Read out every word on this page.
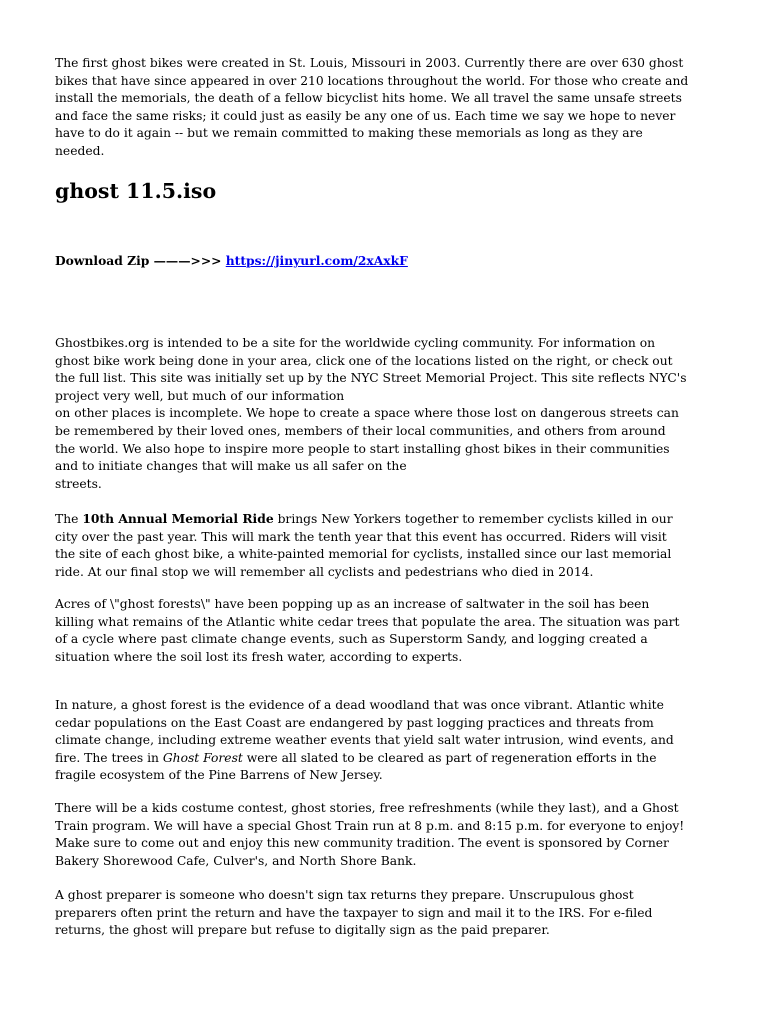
The first ghost bikes were created in St. Louis, Missouri in 2003. Currently there are over 630 ghost
bikes that have since appeared in over 210 locations throughout the world. For those who create and
install the memorials, the death of a fellow bicyclist hits home. We all travel the same unsafe streets
and face the same risks; it could just as easily be any one of us. Each time we say we hope to never
have to do it again -- but we remain committed to making these memorials as long as they are
needed.

ghost 11.5.iso

Download Zip ———>>> https://jinyurl.com/2xAxkF

Ghostbikes.org is intended to be a site for the worldwide cycling community. For information on
ghost bike work being done in your area, click one of the locations listed on the right, or check out
the full list. This site was initially set up by the NYC Street Memorial Project. This site reflects NYC's
project very well, but much of our information
on other places is incomplete. We hope to create a space where those lost on dangerous streets can
be remembered by their loved ones, members of their local communities, and others from around
the world. We also hope to inspire more people to start installing ghost bikes in their communities
and to initiate changes that will make us all safer on the
streets.

The 10th Annual Memorial Ride brings New Yorkers together to remember cyclists killed in our
city over the past year. This will mark the tenth year that this event has occurred. Riders will visit
the site of each ghost bike, a white-painted memorial for cyclists, installed since our last memorial
ride. At our final stop we will remember all cyclists and pedestrians who died in 2014.

Acres of \"ghost forests\" have been popping up as an increase of saltwater in the soil has been
killing what remains of the Atlantic white cedar trees that populate the area. The situation was part
of a cycle where past climate change events, such as Superstorm Sandy, and logging created a
situation where the soil lost its fresh water, according to experts.

In nature, a ghost forest is the evidence of a dead woodland that was once vibrant. Atlantic white
cedar populations on the East Coast are endangered by past logging practices and threats from
climate change, including extreme weather events that yield salt water intrusion, wind events, and
fire. The trees in Ghost Forest were all slated to be cleared as part of regeneration efforts in the
fragile ecosystem of the Pine Barrens of New Jersey.

There will be a kids costume contest, ghost stories, free refreshments (while they last), and a Ghost
Train program. We will have a special Ghost Train run at 8 p.m. and 8:15 p.m. for everyone to enjoy!
Make sure to come out and enjoy this new community tradition. The event is sponsored by Corner
Bakery Shorewood Cafe, Culver's, and North Shore Bank.

A ghost preparer is someone who doesn't sign tax returns they prepare. Unscrupulous ghost
preparers often print the return and have the taxpayer to sign and mail it to the IRS. For e-filed
returns, the ghost will prepare but refuse to digitally sign as the paid preparer.
